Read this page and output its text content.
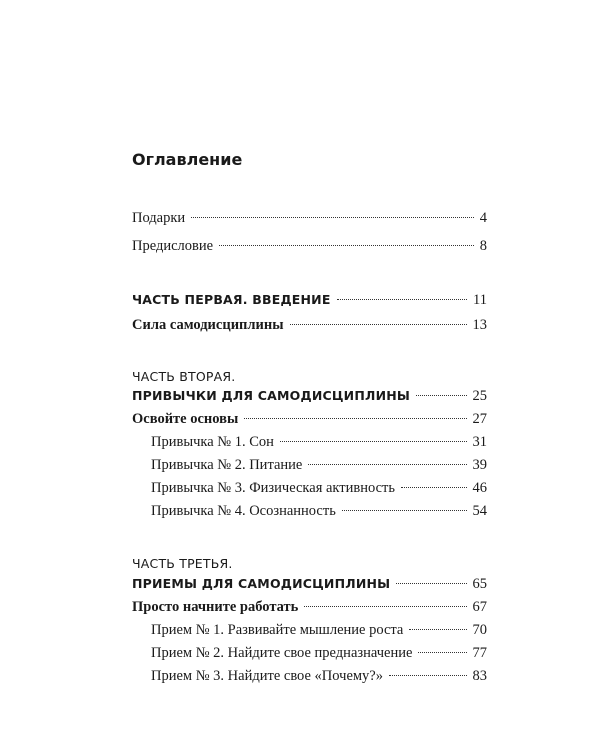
Оглавление
Подарки	4
Предисловие	8
ЧАСТЬ ПЕРВАЯ. ВВЕДЕНИЕ	11
Сила самодисциплины	13
ЧАСТЬ ВТОРАЯ.
ПРИВЫЧКИ ДЛЯ САМОДИСЦИПЛИНЫ	25
Освойте основы	27
Привычка № 1. Сон	31
Привычка № 2. Питание	39
Привычка № 3. Физическая активность	46
Привычка № 4. Осознанность	54
ЧАСТЬ ТРЕТЬЯ.
ПРИЕМЫ ДЛЯ САМОДИСЦИПЛИНЫ	65
Просто начните работать	67
Прием № 1. Развивайте мышление роста	70
Прием № 2. Найдите свое предназначение	77
Прием № 3. Найдите свое «Почему?»	83
